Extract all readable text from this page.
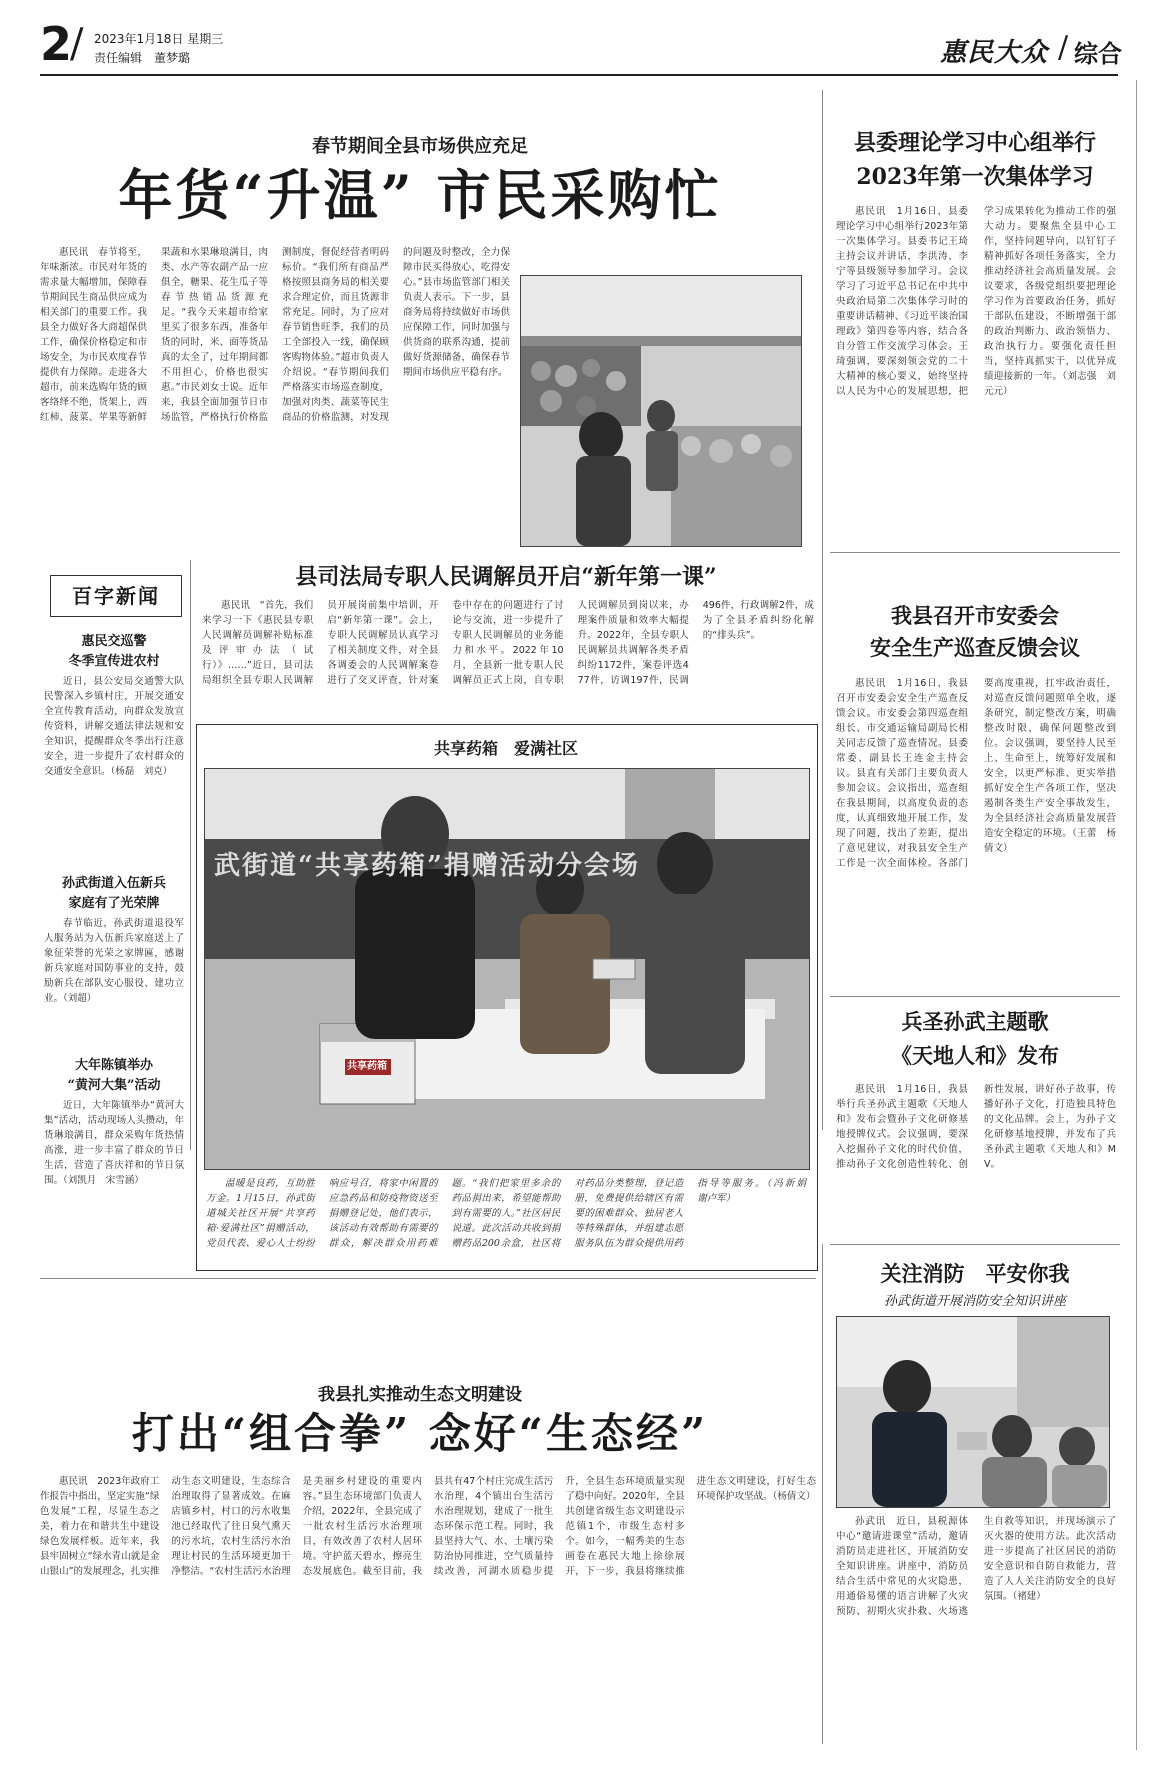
2
/ 2023年1月18日 星期三
责任编辑　董梦璐	惠民大众 / 综合
春节期间全县市场供应充足
年货“升温” 市民采购忙

惠民讯　春节将至，年味渐浓。市民对年货的需求量大幅增加，保障春节期间民生商品供应成为相关部门的重要工作。我县全力做好各大商超保供工作，确保价格稳定和市场安全，为市民欢度春节提供有力保障。走进各大超市，前来选购年货的顾客络绎不绝，货架上，西红柿、菠菜、苹果等新鲜果蔬和水果琳琅满目，肉类、水产等农副产品一应俱全，糖果、花生瓜子等春节热销品货源充足。“我今天来超市给家里买了很多东西，准备年货的同时，米、面等货品真的太全了，过年期间都不用担心，价格也很实惠。”市民刘女士说。近年来，我县全面加强节日市场监管，严格执行价格监测制度，督促经营者明码标价。“我们所有商品严格按照县商务局的相关要求合理定价，而且货源非常充足。同时，为了应对春节销售旺季，我们的员工全部投入一线，确保顾客购物体验。”超市负责人介绍说。“春节期间我们严格落实市场巡查制度，加强对肉类、蔬菜等民生商品的价格监测，对发现的问题及时整改，全力保障市民买得放心、吃得安心。”县市场监管部门相关负责人表示。下一步，县商务局将持续做好市场供应保障工作，同时加强与供货商的联系沟通，提前做好货源储备，确保春节期间市场供应平稳有序。

县委理论学习中心组举行
2023年第一次集体学习

惠民讯　1月16日，县委理论学习中心组举行2023年第一次集体学习。县委书记王琦主持会议并讲话，李洪涛、李宁等县级领导参加学习。会议学习了习近平总书记在中共中央政治局第二次集体学习时的重要讲话精神、《习近平谈治国理政》第四卷等内容，结合各自分管工作交流学习体会。王琦强调，要深刻领会党的二十大精神的核心要义，始终坚持以人民为中心的发展思想，把学习成果转化为推动工作的强大动力。要聚焦全县中心工作，坚持问题导向，以钉钉子精神抓好各项任务落实，全力推动经济社会高质量发展。会议要求，各级党组织要把理论学习作为首要政治任务，抓好干部队伍建设，不断增强干部的政治判断力、政治领悟力、政治执行力。要强化责任担当，坚持真抓实干，以优异成绩迎接新的一年。（刘志强　刘元元）

百字新闻
惠民交巡警
冬季宣传进农村

近日，县公安局交通警大队民警深入乡镇村庄，开展交通安全宣传教育活动，向群众发放宣传资料，讲解交通法律法规和安全知识，提醒群众冬季出行注意安全，进一步提升了农村群众的交通安全意识。（杨磊　刘克）

孙武街道入伍新兵
家庭有了光荣牌

春节临近，孙武街道退役军人服务站为入伍新兵家庭送上了象征荣誉的光荣之家牌匾，感谢新兵家庭对国防事业的支持，鼓励新兵在部队安心服役、建功立业。（刘超）

大年陈镇举办
“黄河大集”活动

近日，大年陈镇举办“黄河大集”活动，活动现场人头攒动，年货琳琅满目，群众采购年货热情高涨，进一步丰富了群众的节日生活，营造了喜庆祥和的节日氛围。（刘凯月　宋雪涵）

县司法局专职人民调解员开启“新年第一课”

惠民讯　“首先，我们来学习一下《惠民县专职人民调解员调解补贴标准及评审办法（试行）》……”近日，县司法局组织全县专职人民调解员开展岗前集中培训，开启“新年第一课”。会上，专职人民调解员认真学习了相关制度文件，对全县各调委会的人民调解案卷进行了交叉评查，针对案卷中存在的问题进行了讨论与交流，进一步提升了专职人民调解员的业务能力和水平。2022年10月，全县新一批专职人民调解员正式上岗，自专职人民调解员到岗以来，办理案件质量和效率大幅提升。2022年，全县专职人民调解员共调解各类矛盾纠纷1172件，案卷评选477件，访调197件，民调496件，行政调解2件，成为了全县矛盾纠纷化解的“排头兵”。

共享药箱　爱满社区
武街道“共享药箱”捐赠活动分会场
共享药箱

温暖是良药，互助胜万金。1月15日，孙武街道城关社区开展“共享药箱·爱满社区”捐赠活动，党员代表、爱心人士纷纷响应号召，将家中闲置的应急药品和防疫物资送至捐赠登记处，他们表示，该活动有效帮助有需要的群众，解决群众用药难题。“我们把家里多余的药品捐出来，希望能帮助到有需要的人。”社区居民说道。此次活动共收到捐赠药品200余盒，社区将对药品分类整理，登记造册，免费提供给辖区有需要的困难群众、独居老人等特殊群体，并组建志愿服务队伍为群众提供用药指导等服务。（冯新娟　谢卢军）

我县召开市安委会
安全生产巡查反馈会议

惠民讯　1月16日，我县召开市安委会安全生产巡查反馈会议。市安委会第四巡查组组长、市交通运输局副局长相关同志反馈了巡查情况。县委常委、副县长王连金主持会议。县直有关部门主要负责人参加会议。会议指出，巡查组在我县期间，以高度负责的态度，认真细致地开展工作，发现了问题，找出了差距，提出了意见建议，对我县安全生产工作是一次全面体检。各部门要高度重视，扛牢政治责任，对巡查反馈问题照单全收，逐条研究，制定整改方案，明确整改时限，确保问题整改到位。会议强调，要坚持人民至上、生命至上，统筹好发展和安全，以更严标准、更实举措抓好安全生产各项工作，坚决遏制各类生产安全事故发生，为全县经济社会高质量发展营造安全稳定的环境。（王蕾　杨倩文）

兵圣孙武主题歌
《天地人和》发布

惠民讯　1月16日，我县举行兵圣孙武主题歌《天地人和》发布会暨孙子文化研修基地授牌仪式。会议强调，要深入挖掘孙子文化的时代价值，推动孙子文化创造性转化、创新性发展，讲好孙子故事，传播好孙子文化，打造独具特色的文化品牌。会上，为孙子文化研修基地授牌，并发布了兵圣孙武主题歌《天地人和》MV。

关注消防　平安你我
孙武街道开展消防安全知识讲座

孙武讯　近日，县税源体中心“邀请进课堂”活动，邀请消防员走进社区，开展消防安全知识讲座。讲座中，消防员结合生活中常见的火灾隐患，用通俗易懂的语言讲解了火灾预防、初期火灾扑救、火场逃生自救等知识，并现场演示了灭火器的使用方法。此次活动进一步提高了社区居民的消防安全意识和自防自救能力，营造了人人关注消防安全的良好氛围。（褚建）

我县扎实推动生态文明建设
打出“组合拳” 念好“生态经”

惠民讯　2023年政府工作报告中指出，坚定实施“绿色发展”工程，尽显生态之美，着力在和谐共生中建设绿色发展样板。近年来，我县牢固树立“绿水青山就是金山银山”的发展理念，扎实推动生态文明建设，生态综合治理取得了显著成效。在麻店镇乡村，村口的污水收集池已经取代了往日臭气熏天的污水坑，农村生活污水治理让村民的生活环境更加干净整洁。“农村生活污水治理是美丽乡村建设的重要内容。”县生态环境部门负责人介绍，2022年，全县完成了一批农村生活污水治理项目，有效改善了农村人居环境。守护蓝天碧水，擦亮生态发展底色。截至目前，我县共有47个村庄完成生活污水治理，4个镇出台生活污水治理规划，建成了一批生态环保示范工程。同时，我县坚持大气、水、土壤污染防治协同推进，空气质量持续改善，河湖水质稳步提升，全县生态环境质量实现了稳中向好。2020年，全县共创建省级生态文明建设示范镇1个，市级生态村多个。如今，一幅秀美的生态画卷在惠民大地上徐徐展开，下一步，我县将继续推进生态文明建设，打好生态环境保护攻坚战。（杨倩文）
